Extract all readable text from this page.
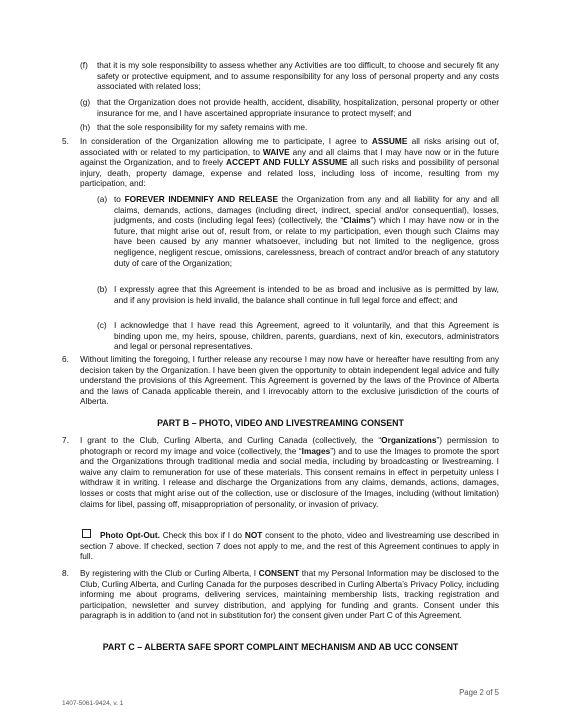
(f) that it is my sole responsibility to assess whether any Activities are too difficult, to choose and securely fit any safety or protective equipment, and to assume responsibility for any loss of personal property and any costs associated with related loss;
(g) that the Organization does not provide health, accident, disability, hospitalization, personal property or other insurance for me, and I have ascertained appropriate insurance to protect myself; and
(h) that the sole responsibility for my safety remains with me.
5. In consideration of the Organization allowing me to participate, I agree to ASSUME all risks arising out of, associated with or related to my participation, to WAIVE any and all claims that I may have now or in the future against the Organization, and to freely ACCEPT AND FULLY ASSUME all such risks and possibility of personal injury, death, property damage, expense and related loss, including loss of income, resulting from my participation, and:
(a) to FOREVER INDEMNIFY AND RELEASE the Organization from any and all liability for any and all claims, demands, actions, damages (including direct, indirect, special and/or consequential), losses, judgments, and costs (including legal fees) (collectively, the “Claims”) which I may have now or in the future, that might arise out of, result from, or relate to my participation, even though such Claims may have been caused by any manner whatsoever, including but not limited to the negligence, gross negligence, negligent rescue, omissions, carelessness, breach of contract and/or breach of any statutory duty of care of the Organization;
(b) I expressly agree that this Agreement is intended to be as broad and inclusive as is permitted by law, and if any provision is held invalid, the balance shall continue in full legal force and effect; and
(c) I acknowledge that I have read this Agreement, agreed to it voluntarily, and that this Agreement is binding upon me, my heirs, spouse, children, parents, guardians, next of kin, executors, administrators and legal or personal representatives.
6. Without limiting the foregoing, I further release any recourse I may now have or hereafter have resulting from any decision taken by the Organization. I have been given the opportunity to obtain independent legal advice and fully understand the provisions of this Agreement. This Agreement is governed by the laws of the Province of Alberta and the laws of Canada applicable therein, and I irrevocably attorn to the exclusive jurisdiction of the courts of Alberta.
PART B – PHOTO, VIDEO AND LIVESTREAMING CONSENT
7. I grant to the Club, Curling Alberta, and Curling Canada (collectively, the “Organizations”) permission to photograph or record my image and voice (collectively, the “Images”) and to use the Images to promote the sport and the Organizations through traditional media and social media, including by broadcasting or livestreaming. I waive any claim to remuneration for use of these materials. This consent remains in effect in perpetuity unless I withdraw it in writing. I release and discharge the Organizations from any claims, demands, actions, damages, losses or costs that might arise out of the collection, use or disclosure of the Images, including (without limitation) claims for libel, passing off, misappropriation of personality, or invasion of privacy.
Photo Opt-Out. Check this box if I do NOT consent to the photo, video and livestreaming use described in section 7 above. If checked, section 7 does not apply to me, and the rest of this Agreement continues to apply in full.
8. By registering with the Club or Curling Alberta, I CONSENT that my Personal Information may be disclosed to the Club, Curling Alberta, and Curling Canada for the purposes described in Curling Alberta’s Privacy Policy, including informing me about programs, delivering services, maintaining membership lists, tracking registration and participation, newsletter and survey distribution, and applying for funding and grants. Consent under this paragraph is in addition to (and not in substitution for) the consent given under Part C of this Agreement.
PART C – ALBERTA SAFE SPORT COMPLAINT MECHANISM AND AB UCC CONSENT
Page 2 of 5
1407-5061-9424, v. 1
